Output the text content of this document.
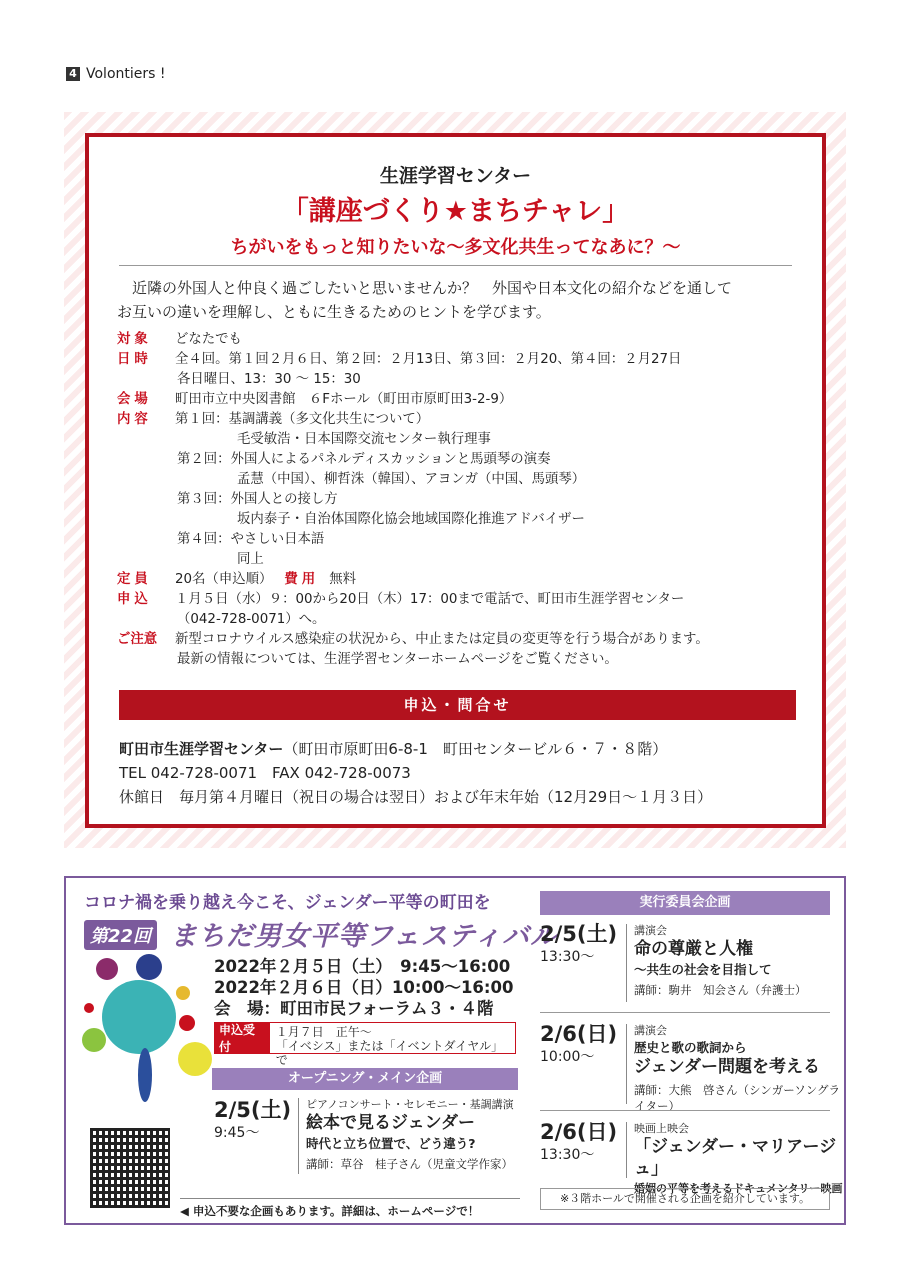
4 Volontiers !
生涯学習センター
「講座づくり★まちチャレ」
ちがいをもっと知りたいな～多文化共生ってなあに？～
　近隣の外国人と仲良く過ごしたいと思いませんか？　外国や日本文化の紹介などを通して
お互いの違いを理解し、ともに生きるためのヒントを学びます。
対象	どなたでも
日時	全４回。第１回２月６日、第２回：２月13日、第３回：２月20、第４回：２月27日
各日曜日、13：30 ～ 15：30
会場	町田市立中央図書館　６Fホール（町田市原町田3-2-9）
内容	第１回：基調講義（多文化共生について）
毛受敏浩・日本国際交流センター執行理事
第２回：外国人によるパネルディスカッションと馬頭琴の演奏
孟慧（中国）、柳哲洙（韓国）、アヨンガ（中国、馬頭琴）
第３回：外国人との接し方
坂内泰子・自治体国際化協会地域国際化推進アドバイザー
第４回：やさしい日本語
同上
定員	20名（申込順） 費用 無料
申込	１月５日（水）９：00から20日（木）17：00まで電話で、町田市生涯学習センター
（042-728-0071）へ。
ご注意	新型コロナウイルス感染症の状況から、中止または定員の変更等を行う場合があります。
最新の情報については、生涯学習センターホームページをご覧ください。
申込・問合せ
町田市生涯学習センター（町田市原町田6-8-1　町田センタービル６・７・８階）
TEL 042-728-0071　FAX 042-728-0073
休館日　毎月第４月曜日（祝日の場合は翌日）および年末年始（12月29日～１月３日）
コロナ禍を乗り越え今こそ、ジェンダー平等の町田を
第22回 まちだ男女平等フェスティバル
2022年２月５日（土）　9:45～16:00
2022年２月６日（日）10:00～16:00
会　場：町田市民フォーラム３・４階
申込受付
１月７日　正午～
「イベシス」または「イベントダイヤル」で
オープニング・メイン企画
2/5(土)
9:45～
ピアノコンサート・セレモニー・基調講演
絵本で見るジェンダー
時代と立ち位置で、どう違う?
講師：草谷　桂子さん（児童文学作家）
◀ 申込不要な企画もあります。詳細は、ホームページで！
実行委員会企画
2/5(土)
13:30～
講演会
命の尊厳と人権
～共生の社会を目指して
講師：駒井　知会さん（弁護士）
2/6(日)
10:00～
講演会
歴史と歌の歌詞から
ジェンダー問題を考える
講師：大熊　啓さん（シンガーソングライター）
2/6(日)
13:30～
映画上映会
「ジェンダー・マリアージュ」
婚姻の平等を考えるドキュメンタリー映画
※３階ホールで開催される企画を紹介しています。
